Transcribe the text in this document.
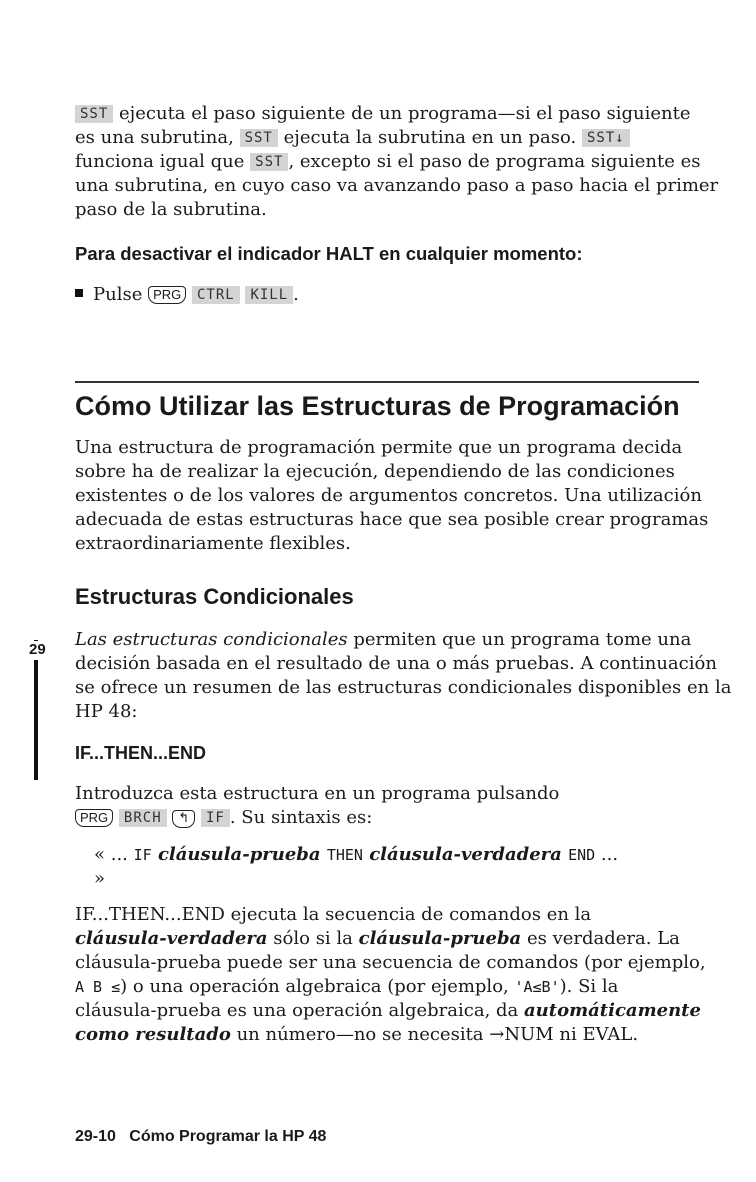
SST ejecuta el paso siguiente de un programa—si el paso siguiente
es una subrutina, SST ejecuta la subrutina en un paso. SST↓
funciona igual que SST , excepto si el paso de programa siguiente es
una subrutina, en cuyo caso va avanzando paso a paso hacia el primer
paso de la subrutina.
Para desactivar el indicador HALT en cualquier momento:
Pulse PRG CTRL KILL .
Cómo Utilizar las Estructuras de Programación
Una estructura de programación permite que un programa decida
sobre ha de realizar la ejecución, dependiendo de las condiciones
existentes o de los valores de argumentos concretos. Una utilización
adecuada de estas estructuras hace que sea posible crear programas
extraordinariamente flexibles.
Estructuras Condicionales
29 Las estructuras condicionales permiten que un programa tome una
decisión basada en el resultado de una o más pruebas. A continuación
se ofrece un resumen de las estructuras condicionales disponibles en la
HP 48:
IF...THEN...END
Introduzca esta estructura en un programa pulsando
PRG BRCH ↰ IF . Su sintaxis es:
« ... IF cláusula-prueba THEN cláusula-verdadera END ...
»
IF...THEN...END ejecuta la secuencia de comandos en la
cláusula-verdadera sólo si la cláusula-prueba es verdadera. La
cláusula-prueba puede ser una secuencia de comandos (por ejemplo,
A B ≤) o una operación algebraica (por ejemplo, 'A≤B'). Si la
cláusula-prueba es una operación algebraica, da automáticamente
como resultado un número—no se necesita →NUM ni EVAL.
29-10   Cómo Programar la HP 48
